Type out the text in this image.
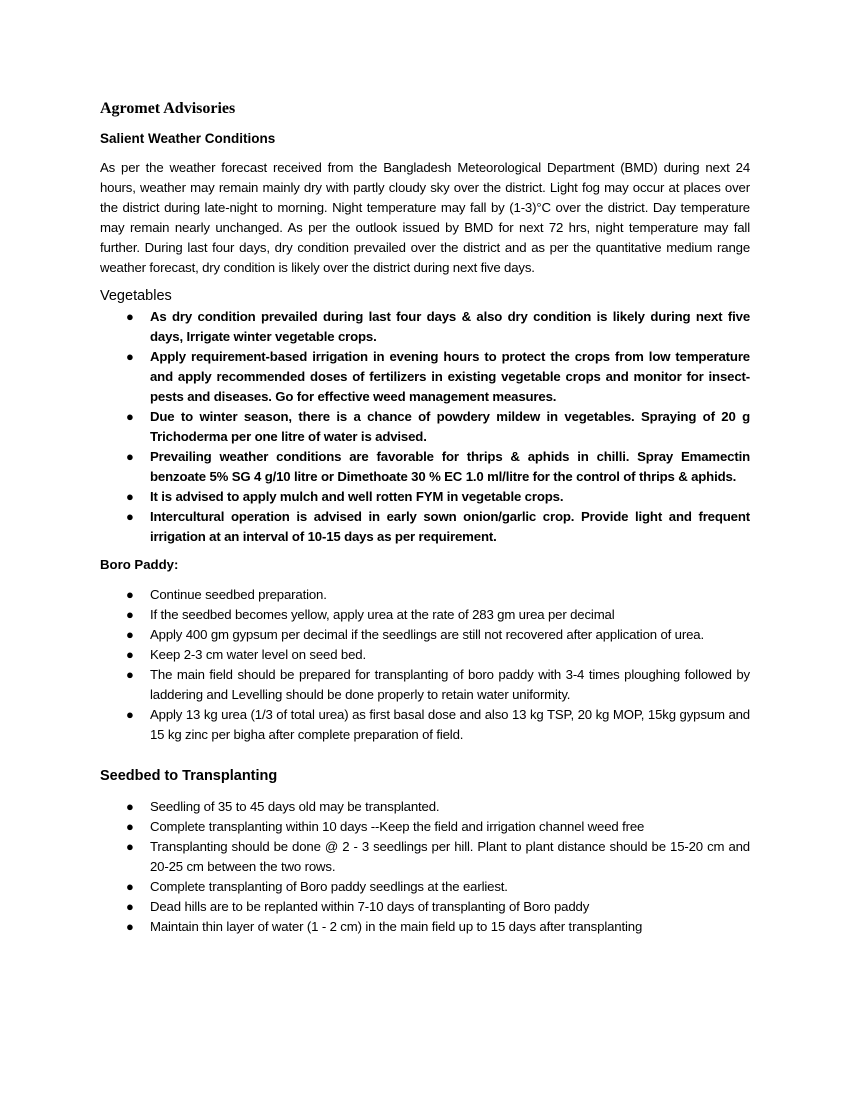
Agromet Advisories
Salient Weather Conditions
As per the weather forecast received from the Bangladesh Meteorological Department (BMD) during next 24 hours, weather may remain mainly dry with partly cloudy sky over the district. Light fog may occur at places over the district during late-night to morning. Night temperature may fall by (1-3)°C over the district. Day temperature may remain nearly unchanged. As per the outlook issued by BMD for next 72 hrs, night temperature may fall further. During last four days, dry condition prevailed over the district and as per the quantitative medium range weather forecast, dry condition is likely over the district during next five days.
Vegetables
● As dry condition prevailed during last four days & also dry condition is likely during next five days, Irrigate winter vegetable crops.
● Apply requirement-based irrigation in evening hours to protect the crops from low temperature and apply recommended doses of fertilizers in existing vegetable crops and monitor for insect-pests and diseases. Go for effective weed management measures.
● Due to winter season, there is a chance of powdery mildew in vegetables. Spraying of 20 g Trichoderma per one litre of water is advised.
● Prevailing weather conditions are favorable for thrips & aphids in chilli. Spray Emamectin benzoate 5% SG 4 g/10 litre or Dimethoate 30 % EC 1.0 ml/litre for the control of thrips & aphids.
● It is advised to apply mulch and well rotten FYM in vegetable crops.
● Intercultural operation is advised in early sown onion/garlic crop. Provide light and frequent irrigation at an interval of 10-15 days as per requirement.
Boro Paddy:
● Continue seedbed preparation.
● If the seedbed becomes yellow, apply urea at the rate of 283 gm urea per decimal
● Apply 400 gm gypsum per decimal if the seedlings are still not recovered after application of urea.
● Keep 2-3 cm water level on seed bed.
● The main field should be prepared for transplanting of boro paddy with 3-4 times ploughing followed by laddering and Levelling should be done properly to retain water uniformity.
● Apply 13 kg urea (1/3 of total urea) as first basal dose and also 13 kg TSP, 20 kg MOP, 15kg gypsum and 15 kg zinc per bigha after complete preparation of field.
Seedbed to Transplanting
● Seedling of 35 to 45 days old may be transplanted.
● Complete transplanting within 10 days --Keep the field and irrigation channel weed free
● Transplanting should be done @ 2 - 3 seedlings per hill. Plant to plant distance should be 15-20 cm and 20-25 cm between the two rows.
● Complete transplanting of Boro paddy seedlings at the earliest.
● Dead hills are to be replanted within 7-10 days of transplanting of Boro paddy
● Maintain thin layer of water (1 - 2 cm) in the main field up to 15 days after transplanting
